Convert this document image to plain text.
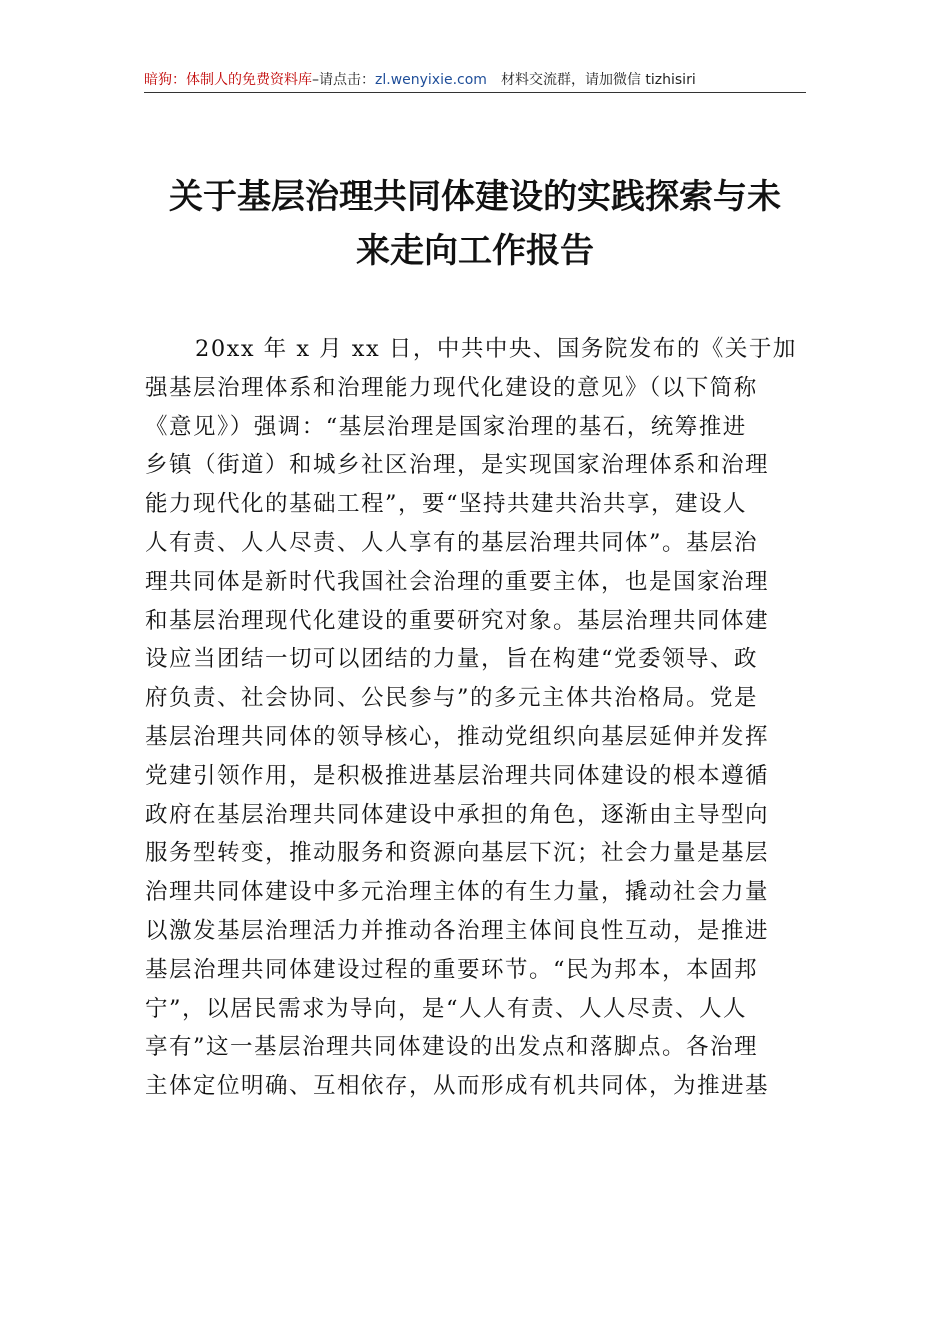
暗狗：体制人的免费资料库–请点击：zl.wenyixie.com 材料交流群，请加微信 tizhisiri
关于基层治理共同体建设的实践探索与未
来走向工作报告
20xx 年 x 月 xx 日，中共中央、国务院发布的《关于加
强基层治理体系和治理能力现代化建设的意见》（以下简称
《意见》）强调：“基层治理是国家治理的基石，统筹推进
乡镇（街道）和城乡社区治理，是实现国家治理体系和治理
能力现代化的基础工程”，要“坚持共建共治共享，建设人
人有责、人人尽责、人人享有的基层治理共同体”。基层治
理共同体是新时代我国社会治理的重要主体，也是国家治理
和基层治理现代化建设的重要研究对象。基层治理共同体建
设应当团结一切可以团结的力量，旨在构建“党委领导、政
府负责、社会协同、公民参与”的多元主体共治格局。党是
基层治理共同体的领导核心，推动党组织向基层延伸并发挥
党建引领作用，是积极推进基层治理共同体建设的根本遵循
政府在基层治理共同体建设中承担的角色，逐渐由主导型向
服务型转变，推动服务和资源向基层下沉；社会力量是基层
治理共同体建设中多元治理主体的有生力量，撬动社会力量
以激发基层治理活力并推动各治理主体间良性互动，是推进
基层治理共同体建设过程的重要环节。“民为邦本，本固邦
宁”，以居民需求为导向，是“人人有责、人人尽责、人人
享有”这一基层治理共同体建设的出发点和落脚点。各治理
主体定位明确、互相依存，从而形成有机共同体，为推进基
